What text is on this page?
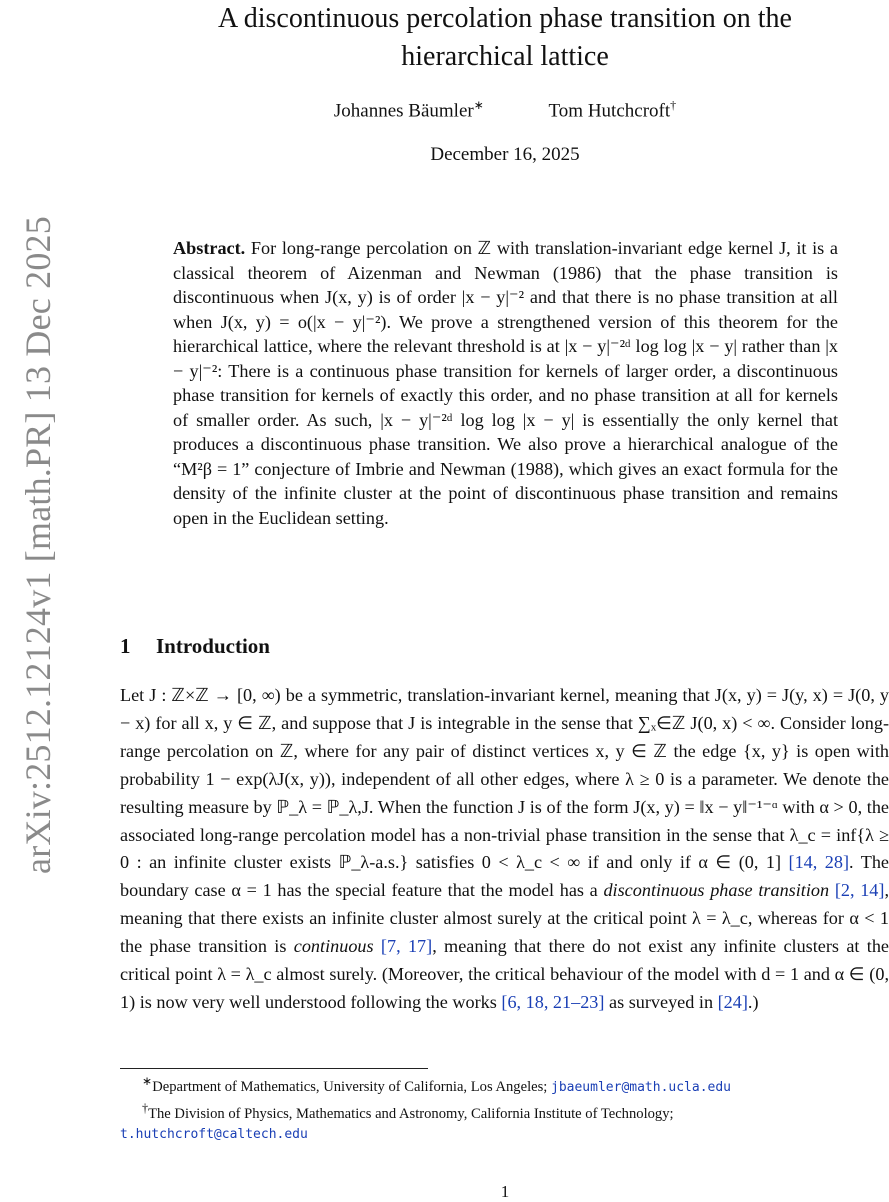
arXiv:2512.12124v1 [math.PR] 13 Dec 2025
A discontinuous percolation phase transition on the
hierarchical lattice
Johannes Bäumler∗	Tom Hutchcroft†
December 16, 2025
Abstract. For long-range percolation on ℤ with translation-invariant edge kernel J, it is a classical theorem of Aizenman and Newman (1986) that the phase transition is discontinuous when J(x, y) is of order |x − y|⁻² and that there is no phase transition at all when J(x, y) = o(|x − y|⁻²). We prove a strengthened version of this theorem for the hierarchical lattice, where the relevant threshold is at |x − y|⁻²ᵈ log log |x − y| rather than |x − y|⁻²: There is a continuous phase transition for kernels of larger order, a discontinuous phase transition for kernels of exactly this order, and no phase transition at all for kernels of smaller order. As such, |x − y|⁻²ᵈ log log |x − y| is essentially the only kernel that produces a discontinuous phase transition. We also prove a hierarchical analogue of the “M²β = 1” conjecture of Imbrie and Newman (1988), which gives an exact formula for the density of the infinite cluster at the point of discontinuous phase transition and remains open in the Euclidean setting.
1 Introduction
Let J : ℤ×ℤ → [0, ∞) be a symmetric, translation-invariant kernel, meaning that J(x, y) = J(y, x) = J(0, y − x) for all x, y ∈ ℤ, and suppose that J is integrable in the sense that ∑ₓ∈ℤ J(0, x) < ∞. Consider long-range percolation on ℤ, where for any pair of distinct vertices x, y ∈ ℤ the edge {x, y} is open with probability 1 − exp(λJ(x, y)), independent of all other edges, where λ ≥ 0 is a parameter. We denote the resulting measure by ℙ_λ = ℙ_λ,J. When the function J is of the form J(x, y) = ‖x − y‖⁻¹⁻ᵅ with α > 0, the associated long-range percolation model has a non-trivial phase transition in the sense that λ_c = inf{λ ≥ 0 : an infinite cluster exists ℙ_λ-a.s.} satisfies 0 < λ_c < ∞ if and only if α ∈ (0, 1] [14, 28]. The boundary case α = 1 has the special feature that the model has a discontinuous phase transition [2, 14], meaning that there exists an infinite cluster almost surely at the critical point λ = λ_c, whereas for α < 1 the phase transition is continuous [7, 17], meaning that there do not exist any infinite clusters at the critical point λ = λ_c almost surely. (Moreover, the critical behaviour of the model with d = 1 and α ∈ (0, 1) is now very well understood following the works [6, 18, 21–23] as surveyed in [24].)
∗Department of Mathematics, University of California, Los Angeles; jbaeumler@math.ucla.edu
†The Division of Physics, Mathematics and Astronomy, California Institute of Technology;
t.hutchcroft@caltech.edu
1
